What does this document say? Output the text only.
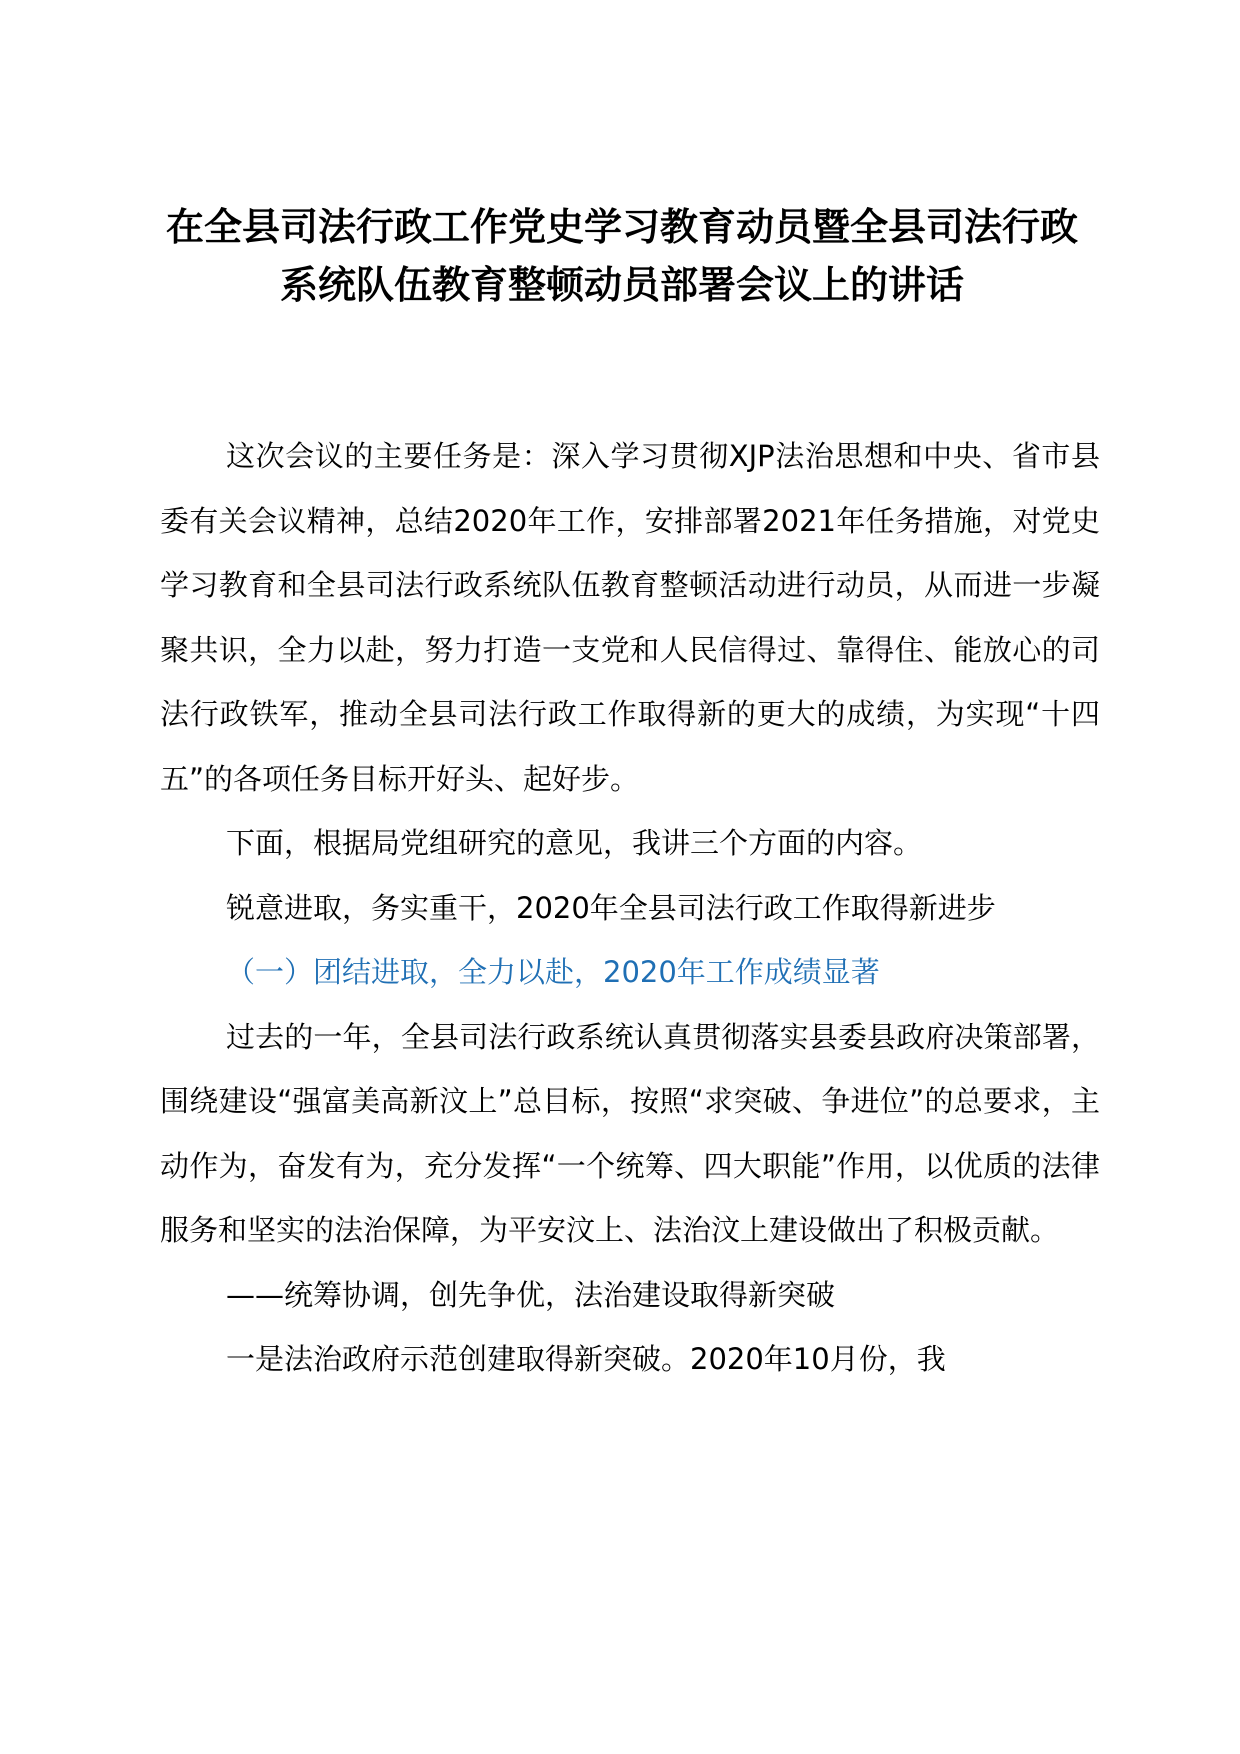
在全县司法行政工作党史学习教育动员暨全县司法行政系统队伍教育整顿动员部署会议上的讲话

这次会议的主要任务是：深入学习贯彻XJP法治思想和中央、省市县委有关会议精神，总结2020年工作，安排部署2021年任务措施，对党史学习教育和全县司法行政系统队伍教育整顿活动进行动员，从而进一步凝聚共识，全力以赴，努力打造一支党和人民信得过、靠得住、能放心的司法行政铁军，推动全县司法行政工作取得新的更大的成绩，为实现“十四五”的各项任务目标开好头、起好步。

下面，根据局党组研究的意见，我讲三个方面的内容。

锐意进取，务实重干，2020年全县司法行政工作取得新进步

（一）团结进取，全力以赴，2020年工作成绩显著

过去的一年，全县司法行政系统认真贯彻落实县委县政府决策部署，围绕建设“强富美高新汶上”总目标，按照“求突破、争进位”的总要求，主动作为，奋发有为，充分发挥“一个统筹、四大职能”作用，以优质的法律服务和坚实的法治保障，为平安汶上、法治汶上建设做出了积极贡献。

——统筹协调，创先争优，法治建设取得新突破

一是法治政府示范创建取得新突破。2020年10月份，我
